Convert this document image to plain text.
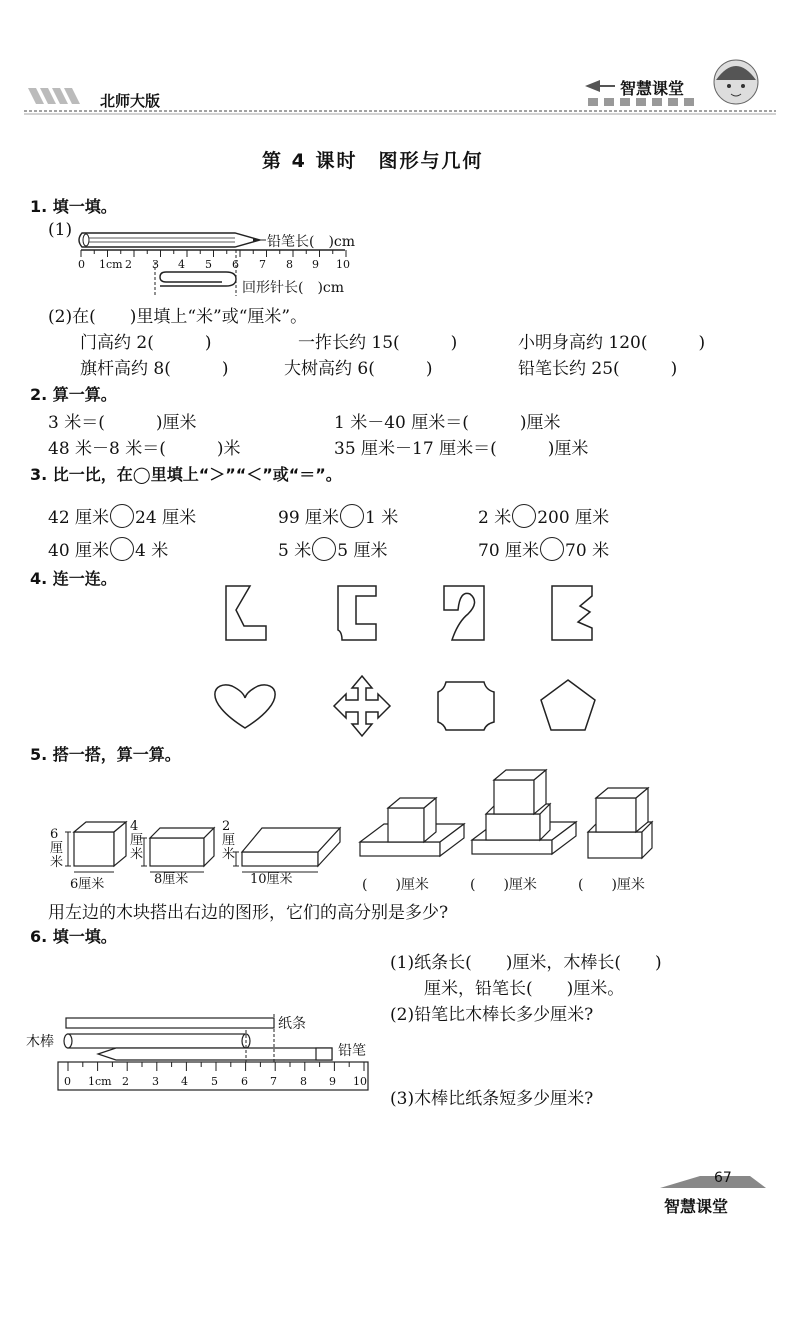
北师大版
智慧课堂
第 4 课时　图形与几何
1. 填一填。
(1)
0 1cm 2 3 4 5 6 7 8 9 10
铅笔长(　)cm
回形针长(　)cm
(2)在(　　)里填上“米”或“厘米”。
门高约 2(　　　)	一拃长约 15(　　　)	小明身高约 120(　　　)
旗杆高约 8(　　　)	大树高约 6(　　　)	铅笔长约 25(　　　)
2. 算一算。
3 米＝(　　　)厘米	1 米－40 厘米＝(　　　)厘米
48 米－8 米＝(　　　)米	35 厘米－17 厘米＝(　　　)厘米
3. 比一比，在◯里填上“＞”“＜”或“＝”。
42 厘米 24 厘米	99 厘米 1 米	2 米 200 厘米
40 厘米 4 米	5 米 5 厘米	70 厘米 70 米
4. 连一连。
5. 搭一搭，算一算。
6 厘米
6厘米
4 厘米
8厘米
2 厘米
10厘米	(　　)厘米	(　　)厘米	(　　)厘米
用左边的木块搭出右边的图形，它们的高分别是多少?
6. 填一填。
(1)纸条长(　　)厘米，木棒长(　　)
厘米，铅笔长(　　)厘米。
(2)铅笔比木棒长多少厘米?
(3)木棒比纸条短多少厘米?
木棒
纸条
铅笔
0 1cm 2 3 4 5 6 7 8 9 10
67
智慧课堂
